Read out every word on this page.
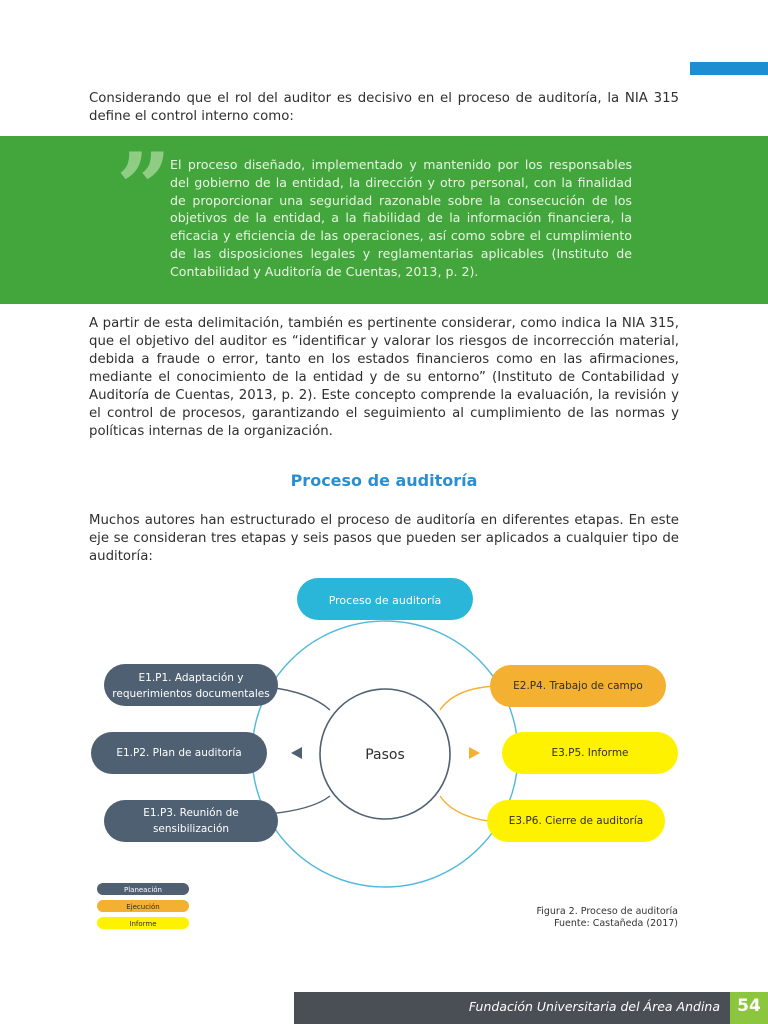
Considerando que el rol del auditor es decisivo en el proceso de auditoría, la NIA 315 define el control interno como:

”

El proceso diseñado, implementado y mantenido por los responsables del gobierno de la entidad, la dirección y otro personal, con la finalidad de proporcionar una seguridad razonable sobre la consecución de los objetivos de la entidad, a la fiabilidad de la información financiera, la eficacia y eficiencia de las operaciones, así como sobre el cumplimiento de las disposiciones legales y reglamentarias aplicables (Instituto de Contabilidad y Auditoría de Cuentas, 2013, p. 2).

A partir de esta delimitación, también es pertinente considerar, como indica la NIA 315, que el objetivo del auditor es “identificar y valorar los riesgos de incorrección material, debida a fraude o error, tanto en los estados financieros como en las afirmaciones, mediante el conocimiento de la entidad y de su entorno” (Instituto de Contabilidad y Auditoría de Cuentas, 2013, p. 2). Este concepto comprende la evaluación, la revisión y el control de procesos, garantizando el seguimiento al cumplimiento de las normas y políticas internas de la organización.

Proceso de auditoría

Muchos autores han estructurado el proceso de auditoría en diferentes etapas. En este eje se consideran tres etapas y seis pasos que pueden ser aplicados a cualquier tipo de auditoría:

Proceso de auditoría
Pasos
E1.P1. Adaptación y
requerimientos documentales
E1.P2. Plan de auditoría
E1.P3. Reunión de
sensibilización
E2.P4. Trabajo de campo
E3.P5. Informe
E3.P6. Cierre de auditoría
Planeación
Ejecución
Informe
Figura 2. Proceso de auditoría
Fuente: Castañeda (2017)
Fundación Universitaria del Área Andina	54
